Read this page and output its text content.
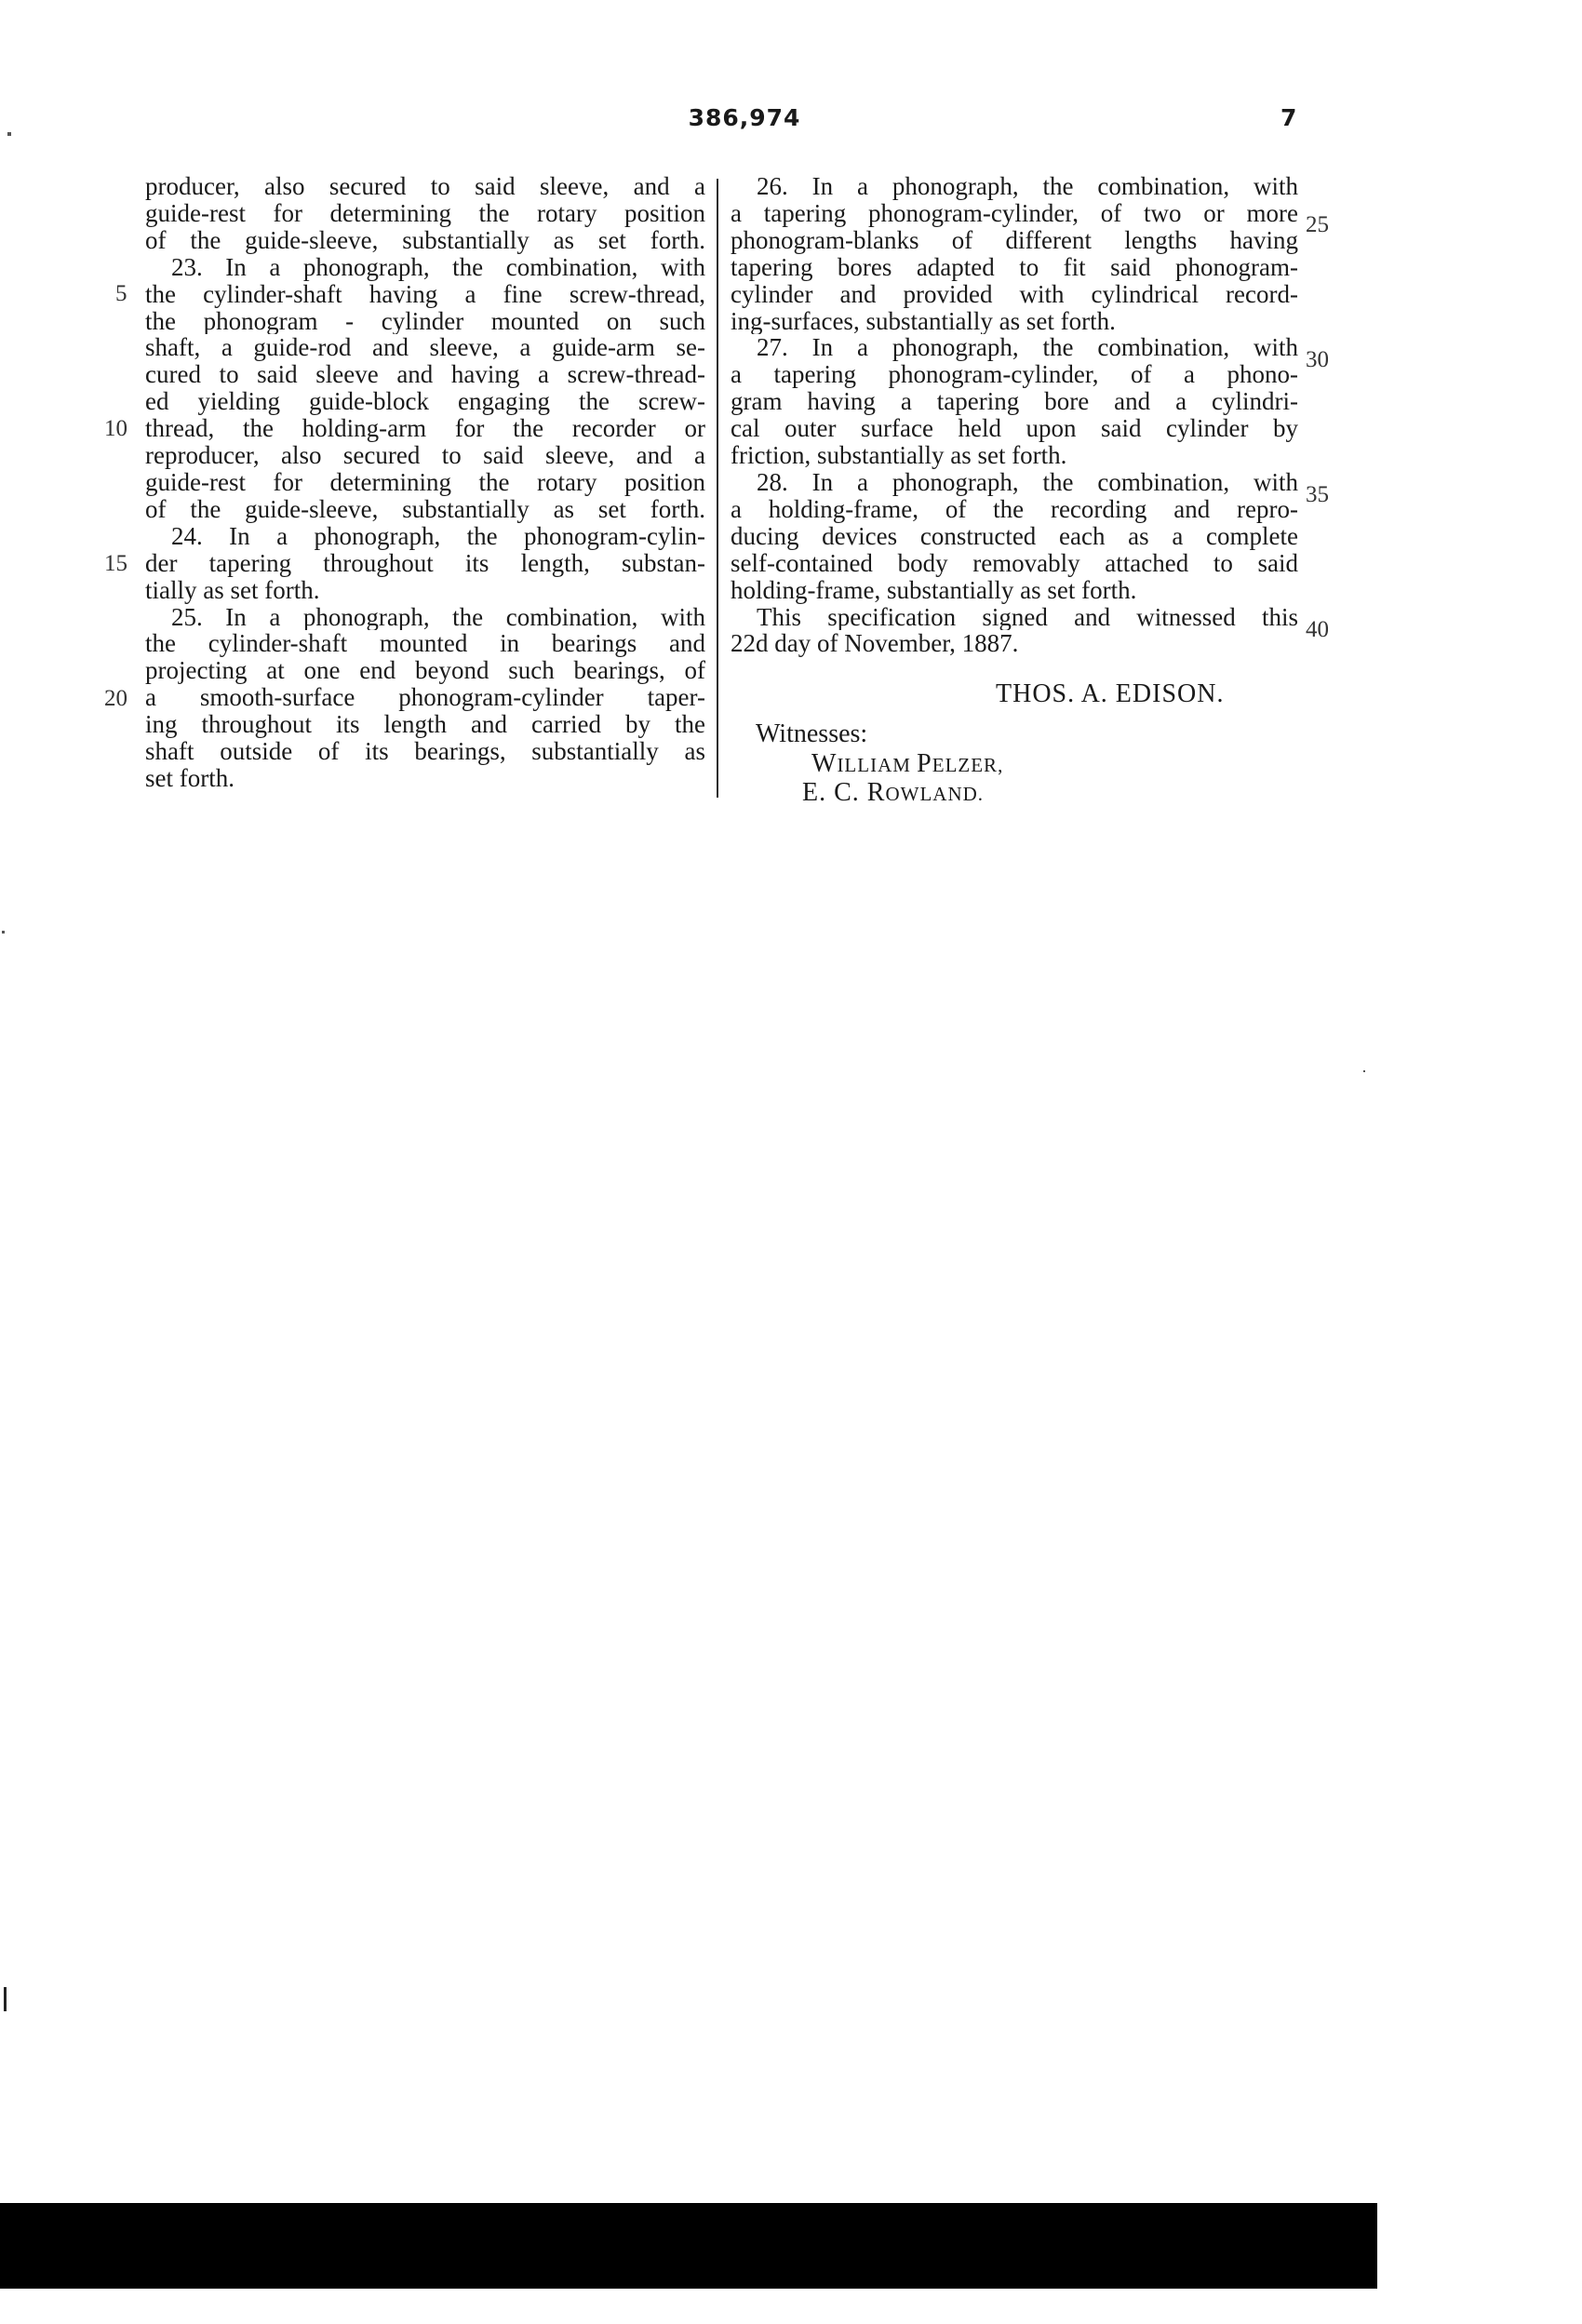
386,974	7
producer, also secured to said sleeve, and a
guide-rest for determining the rotary position
of the guide-sleeve, substantially as set forth.
23. In a phonograph, the combination, with
the cylinder-shaft having a fine screw-thread,
the phonogram - cylinder mounted on such
shaft, a guide-rod and sleeve, a guide-arm se-
cured to said sleeve and having a screw-thread-
ed yielding guide-block engaging the screw-
thread, the holding-arm for the recorder or
reproducer, also secured to said sleeve, and a
guide-rest for determining the rotary position
of the guide-sleeve, substantially as set forth.
24. In a phonograph, the phonogram-cylin-
der tapering throughout its length, substan-
tially as set forth.
25. In a phonograph, the combination, with
the cylinder-shaft mounted in bearings and
projecting at one end beyond such bearings, of
a smooth-surface phonogram-cylinder taper-
ing throughout its length and carried by the
shaft outside of its bearings, substantially as
set forth.
26. In a phonograph, the combination, with
a tapering phonogram-cylinder, of two or more
phonogram-blanks of different lengths having
tapering bores adapted to fit said phonogram-
cylinder and provided with cylindrical record-
ing-surfaces, substantially as set forth.
27. In a phonograph, the combination, with
a tapering phonogram-cylinder, of a phono-
gram having a tapering bore and a cylindri-
cal outer surface held upon said cylinder by
friction, substantially as set forth.
28. In a phonograph, the combination, with
a holding-frame, of the recording and repro-
ducing devices constructed each as a complete
self-contained body removably attached to said
holding-frame, substantially as set forth.
This specification signed and witnessed this
22d day of November, 1887.
5
10
15
20
25
30
35
40
THOS. A. EDISON.
Witnesses:
WILLIAM PELZER,
E. C. ROWLAND.
